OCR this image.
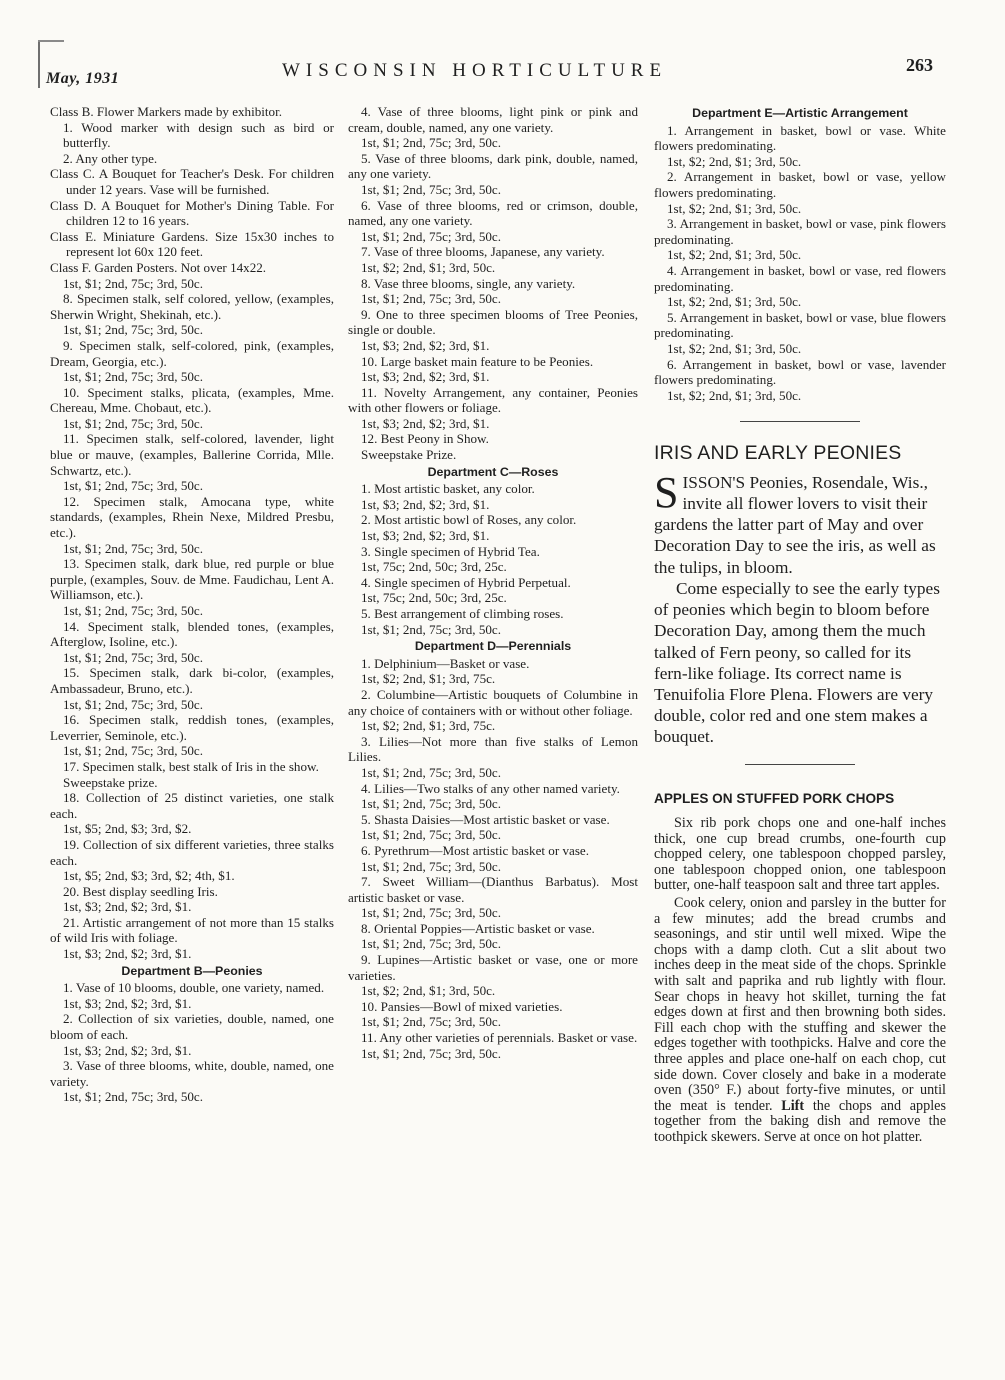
May, 1931	WISCONSIN HORTICULTURE	263

Class B. Flower Markers made by exhibitor.

1. Wood marker with design such as bird or butterfly.

2. Any other type.

Class C. A Bouquet for Teacher's Desk. For children under 12 years. Vase will be furnished.

Class D. A Bouquet for Mother's Dining Table. For children 12 to 16 years.

Class E. Miniature Gardens. Size 15x30 inches to represent lot 60x 120 feet.

Class F. Garden Posters. Not over 14x22.

1st, $1; 2nd, 75c; 3rd, 50c.

8. Specimen stalk, self colored, yellow, (examples, Sherwin Wright, Shekinah, etc.).

1st, $1; 2nd, 75c; 3rd, 50c.

9. Specimen stalk, self-colored, pink, (examples, Dream, Georgia, etc.).

1st, $1; 2nd, 75c; 3rd, 50c.

10. Speciment stalks, plicata, (examples, Mme. Chereau, Mme. Chobaut, etc.).

1st, $1; 2nd, 75c; 3rd, 50c.

11. Specimen stalk, self-colored, lavender, light blue or mauve, (examples, Ballerine Corrida, Mlle. Schwartz, etc.).

1st, $1; 2nd, 75c; 3rd, 50c.

12. Specimen stalk, Amocana type, white standards, (examples, Rhein Nexe, Mildred Presbu, etc.).

1st, $1; 2nd, 75c; 3rd, 50c.

13. Specimen stalk, dark blue, red purple or blue purple, (examples, Souv. de Mme. Faudichau, Lent A. Williamson, etc.).

1st, $1; 2nd, 75c; 3rd, 50c.

14. Speciment stalk, blended tones, (examples, Afterglow, Isoline, etc.).

1st, $1; 2nd, 75c; 3rd, 50c.

15. Specimen stalk, dark bi-color, (examples, Ambassadeur, Bruno, etc.).

1st, $1; 2nd, 75c; 3rd, 50c.

16. Specimen stalk, reddish tones, (examples, Leverrier, Seminole, etc.).

1st, $1; 2nd, 75c; 3rd, 50c.

17. Specimen stalk, best stalk of Iris in the show.

Sweepstake prize.

18. Collection of 25 distinct varieties, one stalk each.

1st, $5; 2nd, $3; 3rd, $2.

19. Collection of six different varieties, three stalks each.

1st, $5; 2nd, $3; 3rd, $2; 4th, $1.

20. Best display seedling Iris.

1st, $3; 2nd, $2; 3rd, $1.

21. Artistic arrangement of not more than 15 stalks of wild Iris with foliage.

1st, $3; 2nd, $2; 3rd, $1.

Department B—Peonies

1. Vase of 10 blooms, double, one variety, named.

1st, $3; 2nd, $2; 3rd, $1.

2. Collection of six varieties, double, named, one bloom of each.

1st, $3; 2nd, $2; 3rd, $1.

3. Vase of three blooms, white, double, named, one variety.

1st, $1; 2nd, 75c; 3rd, 50c.

4. Vase of three blooms, light pink or pink and cream, double, named, any one variety.

1st, $1; 2nd, 75c; 3rd, 50c.

5. Vase of three blooms, dark pink, double, named, any one variety.

1st, $1; 2nd, 75c; 3rd, 50c.

6. Vase of three blooms, red or crimson, double, named, any one variety.

1st, $1; 2nd, 75c; 3rd, 50c.

7. Vase of three blooms, Japanese, any variety.

1st, $2; 2nd, $1; 3rd, 50c.

8. Vase three blooms, single, any variety.

1st, $1; 2nd, 75c; 3rd, 50c.

9. One to three specimen blooms of Tree Peonies, single or double.

1st, $3; 2nd, $2; 3rd, $1.

10. Large basket main feature to be Peonies.

1st, $3; 2nd, $2; 3rd, $1.

11. Novelty Arrangement, any container, Peonies with other flowers or foliage.

1st, $3; 2nd, $2; 3rd, $1.

12. Best Peony in Show.

Sweepstake Prize.

Department C—Roses

1. Most artistic basket, any color.

1st, $3; 2nd, $2; 3rd, $1.

2. Most artistic bowl of Roses, any color.

1st, $3; 2nd, $2; 3rd, $1.

3. Single specimen of Hybrid Tea.

1st, 75c; 2nd, 50c; 3rd, 25c.

4. Single specimen of Hybrid Perpetual.

1st, 75c; 2nd, 50c; 3rd, 25c.

5. Best arrangement of climbing roses.

1st, $1; 2nd, 75c; 3rd, 50c.

Department D—Perennials

1. Delphinium—Basket or vase.

1st, $2; 2nd, $1; 3rd, 75c.

2. Columbine—Artistic bouquets of Columbine in any choice of containers with or without other foliage.

1st, $2; 2nd, $1; 3rd, 75c.

3. Lilies—Not more than five stalks of Lemon Lilies.

1st, $1; 2nd, 75c; 3rd, 50c.

4. Lilies—Two stalks of any other named variety.

1st, $1; 2nd, 75c; 3rd, 50c.

5. Shasta Daisies—Most artistic basket or vase.

1st, $1; 2nd, 75c; 3rd, 50c.

6. Pyrethrum—Most artistic basket or vase.

1st, $1; 2nd, 75c; 3rd, 50c.

7. Sweet William—(Dianthus Barbatus). Most artistic basket or vase.

1st, $1; 2nd, 75c; 3rd, 50c.

8. Oriental Poppies—Artistic basket or vase.

1st, $1; 2nd, 75c; 3rd, 50c.

9. Lupines—Artistic basket or vase, one or more varieties.

1st, $2; 2nd, $1; 3rd, 50c.

10. Pansies—Bowl of mixed varieties.

1st, $1; 2nd, 75c; 3rd, 50c.

11. Any other varieties of perennials. Basket or vase.

1st, $1; 2nd, 75c; 3rd, 50c.

Department E—Artistic Arrangement

1. Arrangement in basket, bowl or vase. White flowers predominating.

1st, $2; 2nd, $1; 3rd, 50c.

2. Arrangement in basket, bowl or vase, yellow flowers predominating.

1st, $2; 2nd, $1; 3rd, 50c.

3. Arrangement in basket, bowl or vase, pink flowers predominating.

1st, $2; 2nd, $1; 3rd, 50c.

4. Arrangement in basket, bowl or vase, red flowers predominating.

1st, $2; 2nd, $1; 3rd, 50c.

5. Arrangement in basket, bowl or vase, blue flowers predominating.

1st, $2; 2nd, $1; 3rd, 50c.

6. Arrangement in basket, bowl or vase, lavender flowers predominating.

1st, $2; 2nd, $1; 3rd, 50c.

IRIS AND EARLY PEONIES

SISSON'S Peonies, Rosendale, Wis., invite all flower lovers to visit their gardens the latter part of May and over Decoration Day to see the iris, as well as the tulips, in bloom.

Come especially to see the early types of peonies which begin to bloom before Decoration Day, among them the much talked of Fern peony, so called for its fern-like foliage. Its correct name is Tenuifolia Flore Plena. Flowers are very double, color red and one stem makes a bouquet.

APPLES ON STUFFED PORK CHOPS

Six rib pork chops one and one-half inches thick, one cup bread crumbs, one-fourth cup chopped celery, one tablespoon chopped parsley, one tablespoon chopped onion, one tablespoon butter, one-half teaspoon salt and three tart apples.

Cook celery, onion and parsley in the butter for a few minutes; add the bread crumbs and seasonings, and stir until well mixed. Wipe the chops with a damp cloth. Cut a slit about two inches deep in the meat side of the chops. Sprinkle with salt and paprika and rub lightly with flour. Sear chops in heavy hot skillet, turning the fat edges down at first and then browning both sides. Fill each chop with the stuffing and skewer the edges together with toothpicks. Halve and core the three apples and place one-half on each chop, cut side down. Cover closely and bake in a moderate oven (350° F.) about forty-five minutes, or until the meat is tender. Lift the chops and apples together from the baking dish and remove the toothpick skewers. Serve at once on hot platter.
